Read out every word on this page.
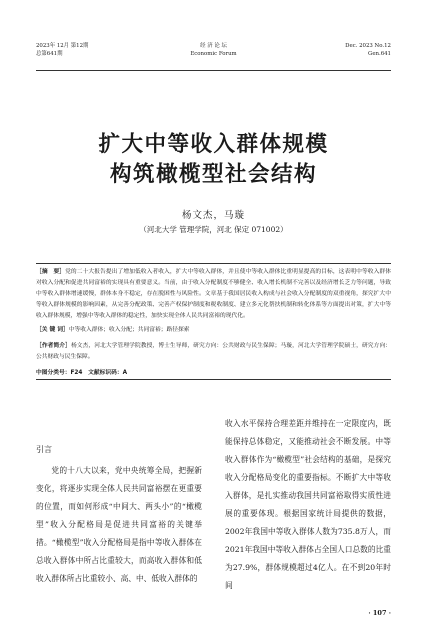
2023年 12月 第12期
总第641期
经 济 论 坛
Economic Forum
Dec. 2023 No.12
Gen.641
扩大中等收入群体规模
构筑橄榄型社会结构
杨文杰，马璇
（河北大学 管理学院，河北 保定 071002）
［摘　要］党的二十大报告提出了增加低收入者收入，扩大中等收入群体，并且使中等收入群体比重明显提高的目标，这表明中等收入群体对收入分配和促进共同富裕的实现具有重要意义。当前，由于收入分配制度不够健全、收入增长机制不完善以及经济增长乏力等问题，导致中等收入群体增速缓慢，群体本身不稳定，存在脱困性与风险性。文章基于我国居民收入构成与社会收入分配制度的双重视角，探究扩大中等收入群体规模的影响因素，从完善分配政策、完善产权保护制度和税收制度、建立多元化帮扶机制和转化体系等方面提出对策，扩大中等收入群体规模，增强中等收入群体的稳定性，加快实现全体人民共同富裕的现代化。
［关 键 词］中等收入群体；收入分配；共同富裕；路径探索
［作者简介］杨文杰，河北大学管理学院教授，博士生导师，研究方向：公共财政与民生保障；马璇，河北大学管理学院硕士，研究方向：公共财政与民生保障。
中图分类号：F24　文献标识码：A
引言

党的十八大以来，党中央统筹全局，把握新变化，将逐步实现全体人民共同富裕摆在更重要的位置，而如何形成“中间大、两头小”的“橄榄型”收入分配格局是促进共同富裕的关键举措。“橄榄型”收入分配格局是指中等收入群体在总收入群体中所占比重较大，而高收入群体和低收入群体所占比重较小、高、中、低收入群体的

收入水平保持合理差距并维持在一定限度内，既能保持总体稳定，又能推动社会不断发展。中等收入群体作为“橄榄型”社会结构的基础，是探究收入分配格局变化的重要指标。不断扩大中等收入群体，是扎实推动我国共同富裕取得实质性进展的重要体现。根据国家统计局提供的数据，2002年我国中等收入群体人数为735.8万人，而2021年我国中等收入群体占全国人口总数的比重为27.9%，群体规模超过4亿人。在不到20年时间

· 107 ·
